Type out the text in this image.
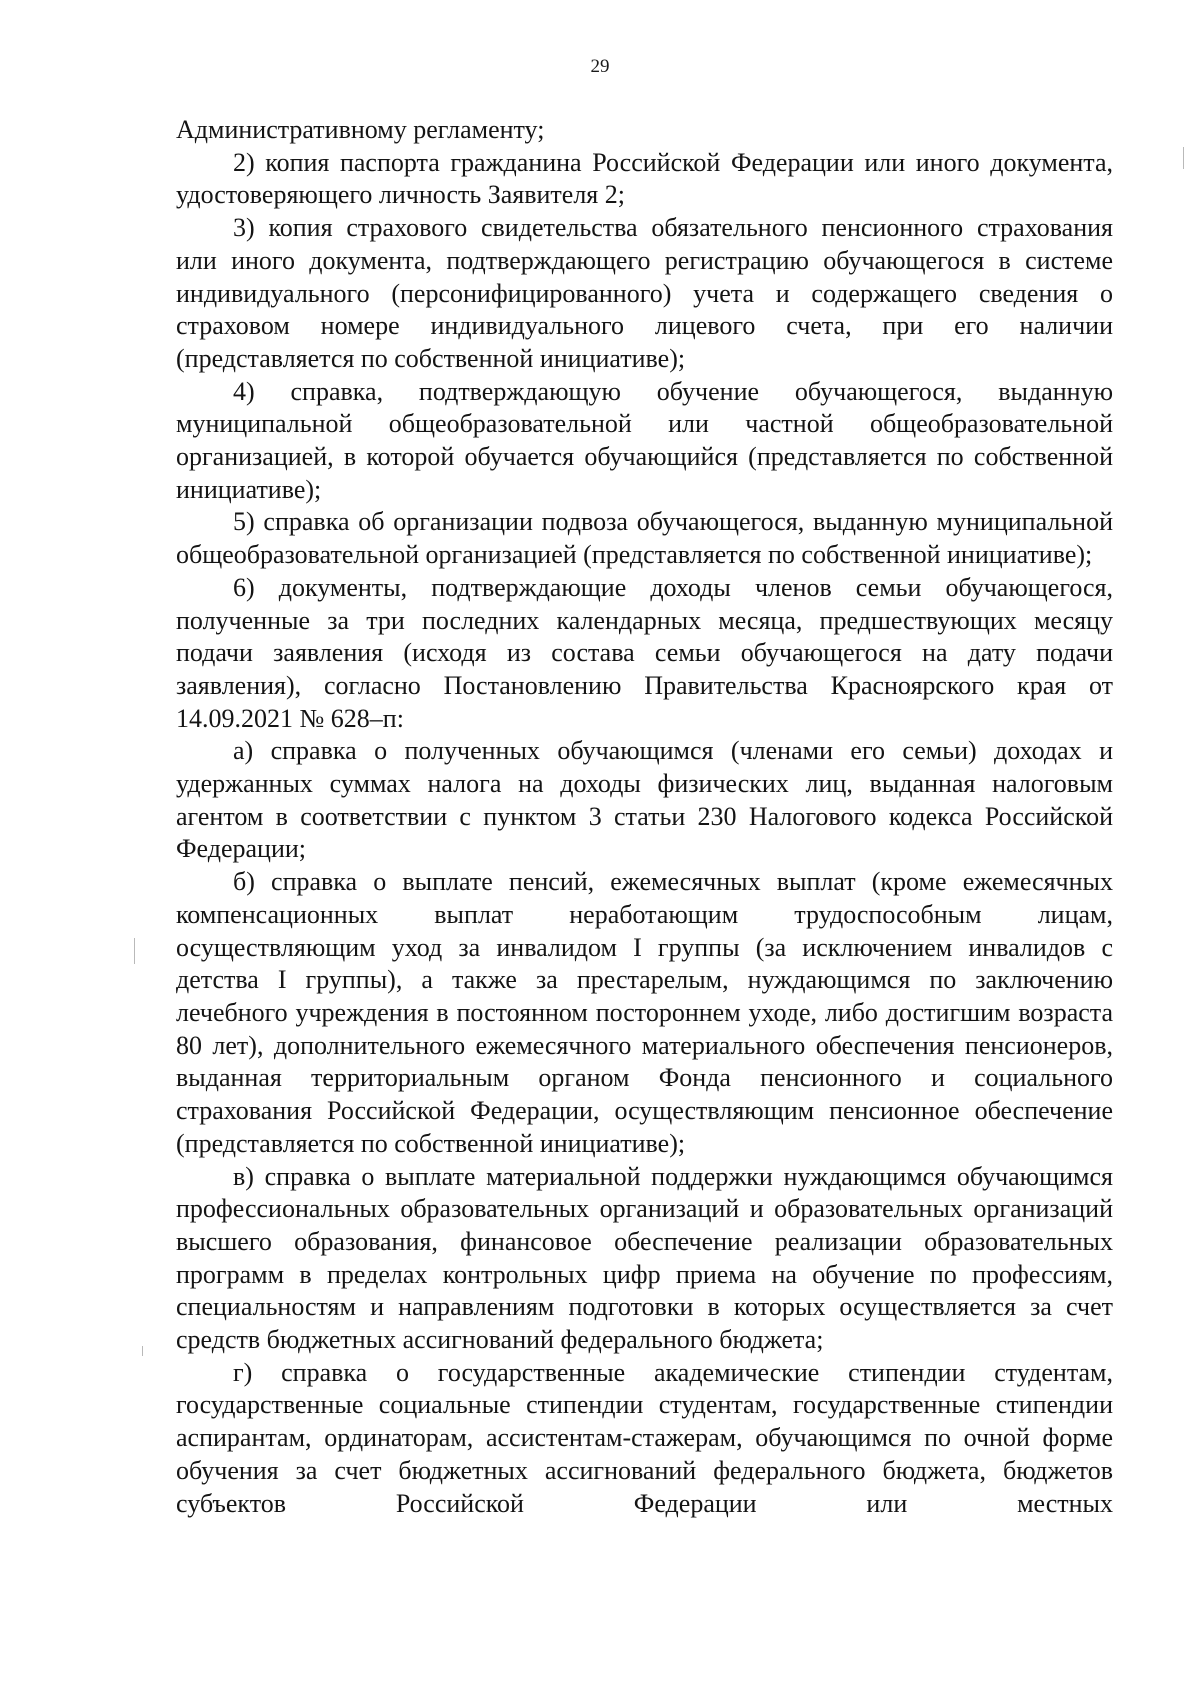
29

Административному регламенту;

2) копия паспорта гражданина Российской Федерации или иного документа, удостоверяющего личность Заявителя 2;

3) копия страхового свидетельства обязательного пенсионного страхования или иного документа, подтверждающего регистрацию обучающегося в системе индивидуального (персонифицированного) учета и содержащего сведения о страховом номере индивидуального лицевого счета, при его наличии (представляется по собственной инициативе);

4) справка, подтверждающую обучение обучающегося, выданную муниципальной общеобразовательной или частной общеобразовательной организацией, в которой обучается обучающийся (представляется по собственной инициативе);

5) справка об организации подвоза обучающегося, выданную муниципальной общеобразовательной организацией (представляется по собственной инициативе);

6) документы, подтверждающие доходы членов семьи обучающегося, полученные за три последних календарных месяца, предшествующих месяцу подачи заявления (исходя из состава семьи обучающегося на дату подачи заявления), согласно Постановлению Правительства Красноярского края от 14.09.2021 № 628–п:

а) справка о полученных обучающимся (членами его семьи) доходах и удержанных суммах налога на доходы физических лиц, выданная налоговым агентом в соответствии с пунктом 3 статьи 230 Налогового кодекса Российской Федерации;

б) справка о выплате пенсий, ежемесячных выплат (кроме ежемесячных компенсационных выплат неработающим трудоспособным лицам, осуществляющим уход за инвалидом I группы (за исключением инвалидов с детства I группы), а также за престарелым, нуждающимся по заключению лечебного учреждения в постоянном постороннем уходе, либо достигшим возраста 80 лет), дополнительного ежемесячного материального обеспечения пенсионеров, выданная территориальным органом Фонда пенсионного и социального страхования Российской Федерации, осуществляющим пенсионное обеспечение (представляется по собственной инициативе);

в) справка о выплате материальной поддержки нуждающимся обучающимся профессиональных образовательных организаций и образовательных организаций высшего образования, финансовое обеспечение реализации образовательных программ в пределах контрольных цифр приема на обучение по профессиям, специальностям и направлениям подготовки в которых осуществляется за счет средств бюджетных ассигнований федерального бюджета;

г) справка о государственные академические стипендии студентам, государственные социальные стипендии студентам, государственные стипендии аспирантам, ординаторам, ассистентам-стажерам, обучающимся по очной форме обучения за счет бюджетных ассигнований федерального бюджета, бюджетов субъектов Российской Федерации или местных
